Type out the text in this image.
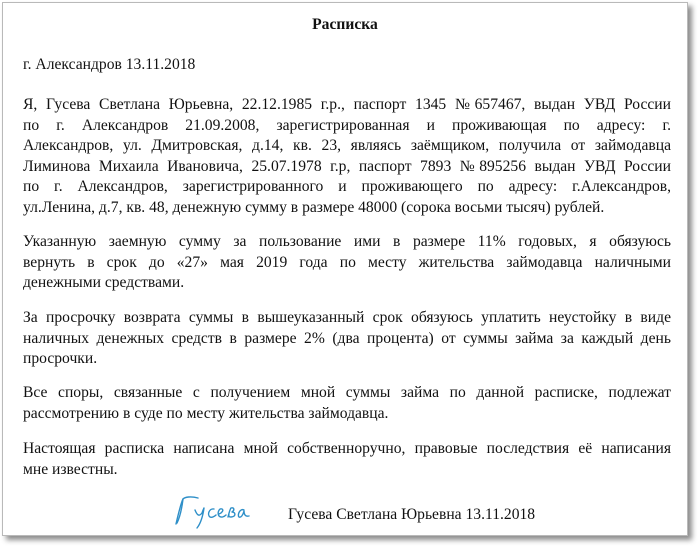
Расписка
г. Александров 13.11.2018
Я, Гусева Светлана Юрьевна, 22.12.1985 г.р., паспорт 1345 №657467, выдан УВД России
по г. Александров 21.09.2008, зарегистрированная и проживающая по адресу: г.
Александров, ул. Дмитровская, д.14, кв. 23, являясь заёмщиком, получила от займодавца
Лиминова Михаила Ивановича, 25.07.1978 г.р, паспорт 7893 №895256 выдан УВД России
по г. Александров, зарегистрированного и проживающего по адресу: г.Александров,
ул.Ленина, д.7, кв. 48, денежную сумму в размере 48000 (сорока восьми тысяч) рублей.
Указанную заемную сумму за пользование ими в размере 11% годовых, я обязуюсь
вернуть в срок до «27» мая 2019 года по месту жительства займодавца наличными
денежными средствами.
За просрочку возврата суммы в вышеуказанный срок обязуюсь уплатить неустойку в виде
наличных денежных средств в размере 2% (два процента) от суммы займа за каждый день
просрочки.
Все споры, связанные с получением мной суммы займа по данной расписке, подлежат
рассмотрению в суде по месту жительства займодавца.
Настоящая расписка написана мной собственноручно, правовые последствия её написания
мне известны.
Гусева Светлана Юрьевна 13.11.2018
